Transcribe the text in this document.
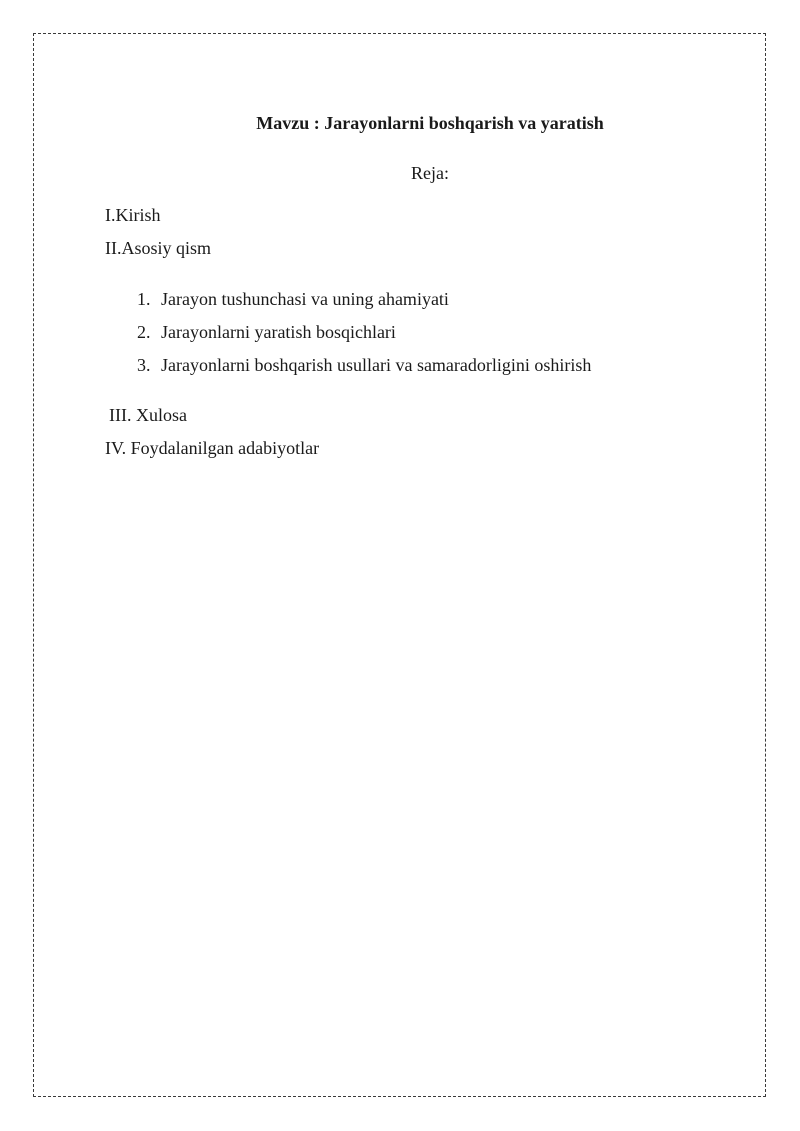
Mavzu : Jarayonlarni boshqarish va yaratish
Reja:
I.Kirish
II.Asosiy qism
1. Jarayon tushunchasi va uning ahamiyati
2. Jarayonlarni yaratish bosqichlari
3. Jarayonlarni boshqarish usullari va samaradorligini oshirish
III. Xulosa
IV. Foydalanilgan adabiyotlar
